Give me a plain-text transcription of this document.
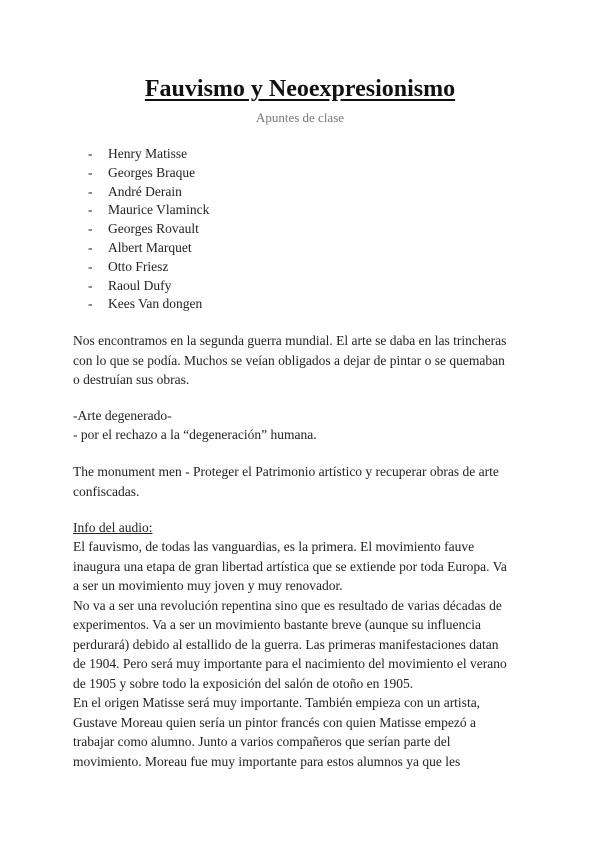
Fauvismo y Neoexpresionismo

Apuntes de clase

-	Henry Matisse
-	Georges Braque
-	André Derain
-	Maurice Vlaminck
-	Georges Rovault
-	Albert Marquet
-	Otto Friesz
-	Raoul Dufy
-	Kees Van dongen

Nos encontramos en la segunda guerra mundial. El arte se daba en las trincheras
con lo que se podía. Muchos se veían obligados a dejar de pintar o se quemaban
o destruían sus obras.

-Arte degenerado-

- por el rechazo a la “degeneración” humana.

The monument men - Proteger el Patrimonio artístico y recuperar obras de arte
confiscadas.

Info del audio:

El fauvismo, de todas las vanguardias, es la primera. El movimiento fauve
inaugura una etapa de gran libertad artística que se extiende por toda Europa. Va
a ser un movimiento muy joven y muy renovador.
No va a ser una revolución repentina sino que es resultado de varias décadas de
experimentos. Va a ser un movimiento bastante breve (aunque su influencia
perdurará) debido al estallido de la guerra. Las primeras manifestaciones datan
de 1904. Pero será muy importante para el nacimiento del movimiento el verano
de 1905 y sobre todo la exposición del salón de otoño en 1905.
En el origen Matisse será muy importante. También empieza con un artista,
Gustave Moreau quien sería un pintor francés con quien Matisse empezó a
trabajar como alumno. Junto a varios compañeros que serían parte del
movimiento. Moreau fue muy importante para estos alumnos ya que les
